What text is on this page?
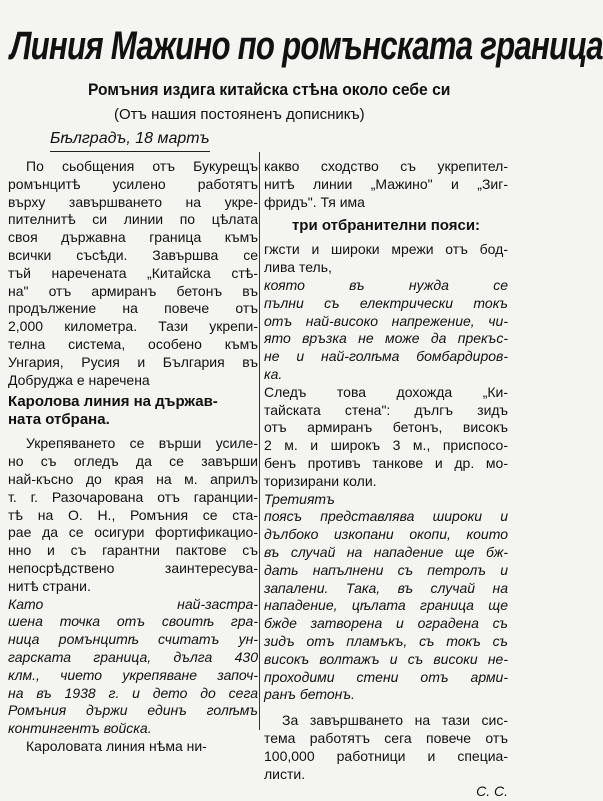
Линия Мажино по ромънската граница
Ромъния издига китайска стѣна около себе си
(Отъ нашия постояненъ дописникъ)
Бѣлградъ, 18 мартъ
По сьобщения отъ Букурещъ
ромънцитѣ усилено работятъ
върху завършването на укре-
пителнитѣ си линии по цѣлата
своя държавна граница къмъ
всички съсѣди. Завършва се
тъй наречената „Китайска стѣ-
на" отъ армиранъ бетонъ въ
продължение на повече отъ
2,000 километра. Тази укрепи-
телна система, особено къмъ
Унгария, Русия и България въ
Добруджа е наречена
Каролова линия на държав-
ната отбрана.
Укрепяването се върши усиле-
но съ огледъ да се завърши
най-късно до края на м. априлъ
т. г. Разочарована отъ гаранции-
тѣ на О. Н., Ромъния се ста-
рае да се осигури фортификацио-
нно и съ гарантни пактове съ
непосрѣдствено заинтересува-
нитѣ страни.
Като най-застра-
шена точка отъ своитѣ гра-
ница ромънцитѣ считатъ ун-
гарската граница, дълга 430
клм., чието укрепяване започ-
на въ 1938 г. и дето до сега
Ромъния държи единъ голѣмъ
контингентъ войска.
Кароловата линия нѣма ни-
какво сходство съ укрепител-
нитѣ линии „Мажино" и „Зиг-
фридъ". Тя има
три отбранителни пояси:
гжсти и широки мрежи отъ бод-
лива тель,
която въ нужда се
пълни съ електрически токъ
отъ най-високо напрежение, чи-
ято връзка не може да прекъс-
не и най-голѣма бомбардиров-
ка.
Следъ това дохожда „Ки-
тайската стена": дългъ зидъ
отъ армиранъ бетонъ, високъ
2 м. и широкъ 3 м., приспосо-
бенъ противъ танкове и др. мо-
торизирани коли.
Третиятъ
поясъ представлява широки и
дълбоко изкопани окопи, които
въ случай на нападение ще бж-
дать напълнени съ петролъ и
запалени. Така, въ случай на
нападение, цѣлата граница ще
бжде затворена и оградена съ
зидъ отъ пламъкъ, съ токъ съ
високъ волтажъ и съ високи не-
проходими стени отъ арми-
ранъ бетонъ.
За завършването на тази сис-
тема работятъ сега повече отъ
100,000 работници и специа-
листи.
С. С.
